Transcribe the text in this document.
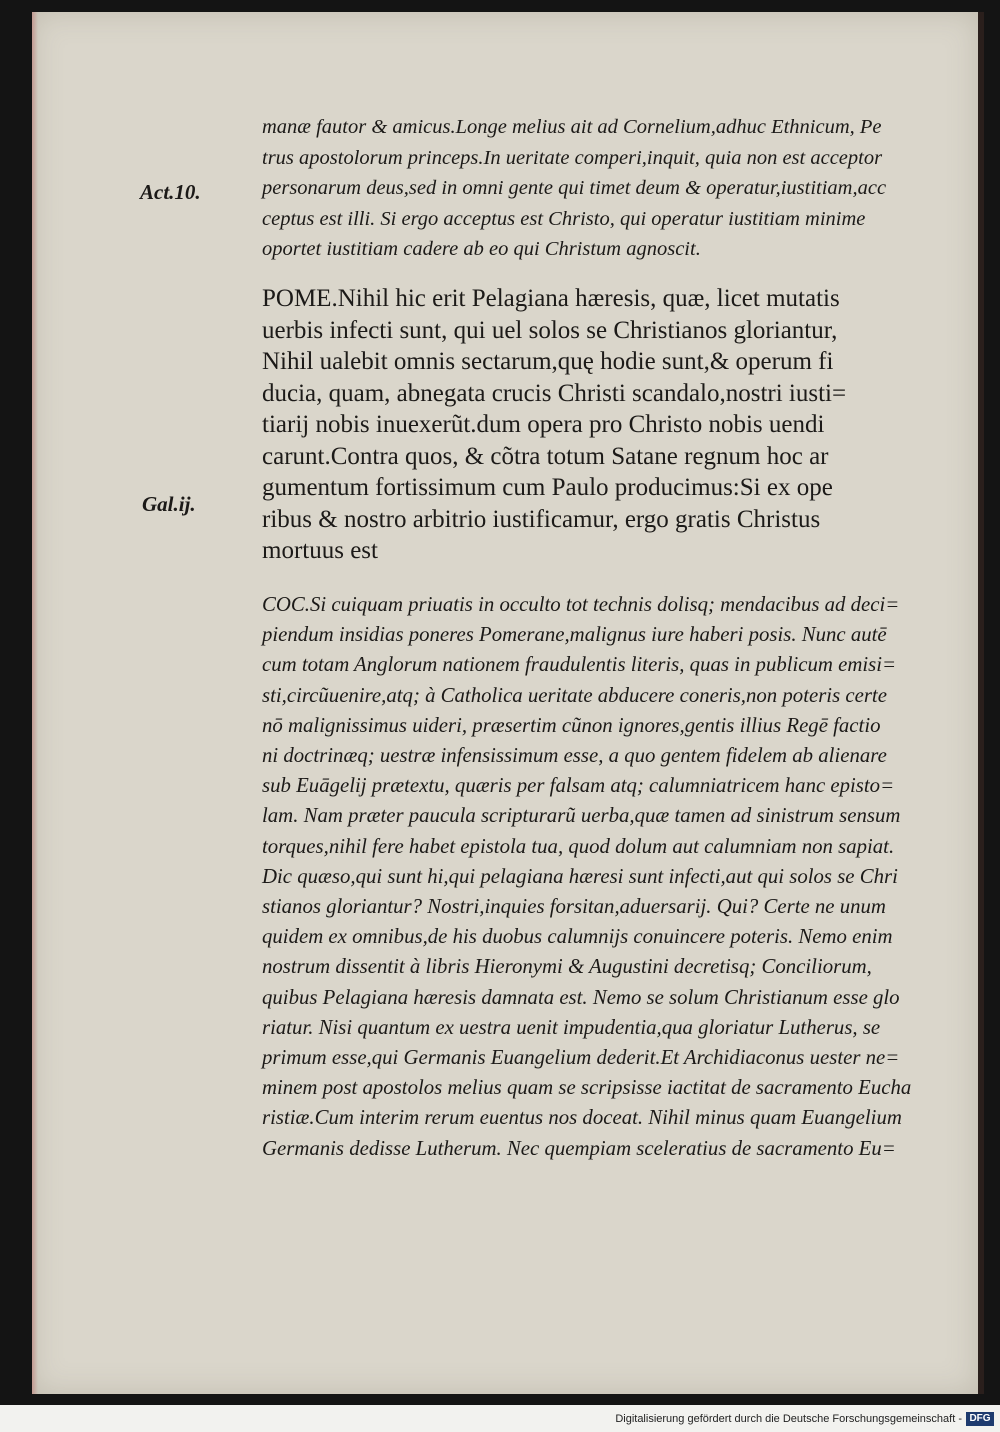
Act.10.
Gal.ij.
manæ fautor & amicus.Longe melius ait ad Cornelium,adhuc Ethnicum, Pe
trus apostolorum princeps.In ueritate comperi,inquit, quia non est acceptor
personarum deus,sed in omni gente qui timet deum & operatur,iustitiam,acc
ceptus est illi. Si ergo acceptus est Christo, qui operatur iustitiam minime
oportet iustitiam cadere ab eo qui Christum agnoscit.
POME.Nihil hic erit Pelagiana hæresis, quæ, licet mutatis
uerbis infecti sunt, qui uel solos se Christianos gloriantur,
Nihil ualebit omnis sectarum,quę hodie sunt,& operum fi
ducia, quam, abnegata crucis Christi scandalo,nostri iusti=
tiarij nobis inuexerũt.dum opera pro Christo nobis uendi
carunt.Contra quos, & cõtra totum Satane regnum hoc ar
gumentum fortissimum cum Paulo producimus:Si ex ope
ribus & nostro arbitrio iustificamur, ergo gratis Christus
mortuus est
COC.Si cuiquam priuatis in occulto tot technis dolisq; mendacibus ad deci=
piendum insidias poneres Pomerane,malignus iure haberi posis. Nunc autē
cum totam Anglorum nationem fraudulentis literis, quas in publicum emisi=
sti,circũuenire,atq; à Catholica ueritate abducere coneris,non poteris certe
nō malignissimus uideri, præsertim cũnon ignores,gentis illius Regē factio
ni doctrinæq; uestræ infensissimum esse, a quo gentem fidelem ab alienare
sub Euāgelij prætextu, quæris per falsam atq; calumniatricem hanc episto=
lam. Nam præter paucula scripturarũ uerba,quæ tamen ad sinistrum sensum
torques,nihil fere habet epistola tua, quod dolum aut calumniam non sapiat.
Dic quæso,qui sunt hi,qui pelagiana hæresi sunt infecti,aut qui solos se Chri
stianos gloriantur? Nostri,inquies forsitan,aduersarij. Qui? Certe ne unum
quidem ex omnibus,de his duobus calumnijs conuincere poteris. Nemo enim
nostrum dissentit à libris Hieronymi & Augustini decretisq; Conciliorum,
quibus Pelagiana hæresis damnata est. Nemo se solum Christianum esse glo
riatur. Nisi quantum ex uestra uenit impudentia,qua gloriatur Lutherus, se
primum esse,qui Germanis Euangelium dederit.Et Archidiaconus uester ne=
minem post apostolos melius quam se scripsisse iactitat de sacramento Eucha
ristiæ.Cum interim rerum euentus nos doceat. Nihil minus quam Euangelium
Germanis dedisse Lutherum. Nec quempiam sceleratius de sacramento Eu=
Digitalisierung gefördert durch die Deutsche Forschungsgemeinschaft - DFG
